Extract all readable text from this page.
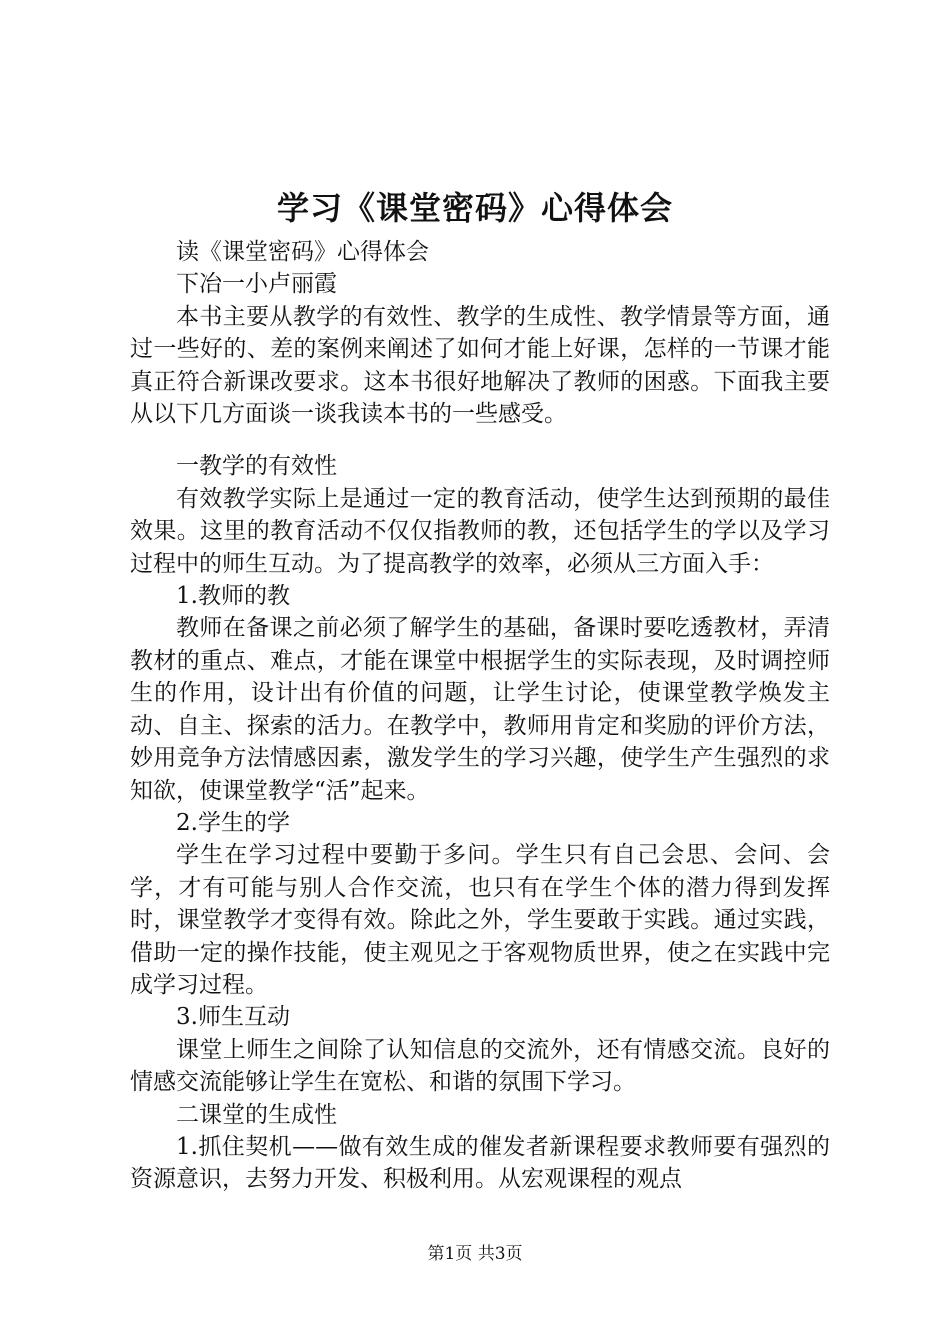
学习《课堂密码》心得体会

读《课堂密码》心得体会

下冶一小卢丽霞

本书主要从教学的有效性、教学的生成性、教学情景等方面，通过一些好的、差的案例来阐述了如何才能上好课，怎样的一节课才能真正符合新课改要求。这本书很好地解决了教师的困惑。下面我主要从以下几方面谈一谈我读本书的一些感受。

一教学的有效性

有效教学实际上是通过一定的教育活动，使学生达到预期的最佳效果。这里的教育活动不仅仅指教师的教，还包括学生的学以及学习过程中的师生互动。为了提高教学的效率，必须从三方面入手：

1.教师的教

教师在备课之前必须了解学生的基础，备课时要吃透教材，弄清教材的重点、难点，才能在课堂中根据学生的实际表现，及时调控师生的作用，设计出有价值的问题，让学生讨论，使课堂教学焕发主动、自主、探索的活力。在教学中，教师用肯定和奖励的评价方法，妙用竞争方法情感因素，激发学生的学习兴趣，使学生产生强烈的求知欲，使课堂教学“活”起来。

2.学生的学

学生在学习过程中要勤于多问。学生只有自己会思、会问、会学，才有可能与别人合作交流，也只有在学生个体的潜力得到发挥时，课堂教学才变得有效。除此之外，学生要敢于实践。通过实践，借助一定的操作技能，使主观见之于客观物质世界，使之在实践中完成学习过程。

3.师生互动

课堂上师生之间除了认知信息的交流外，还有情感交流。良好的情感交流能够让学生在宽松、和谐的氛围下学习。

二课堂的生成性

1.抓住契机——做有效生成的催发者新课程要求教师要有强烈的资源意识，去努力开发、积极利用。从宏观课程的观点

第1页 共3页
